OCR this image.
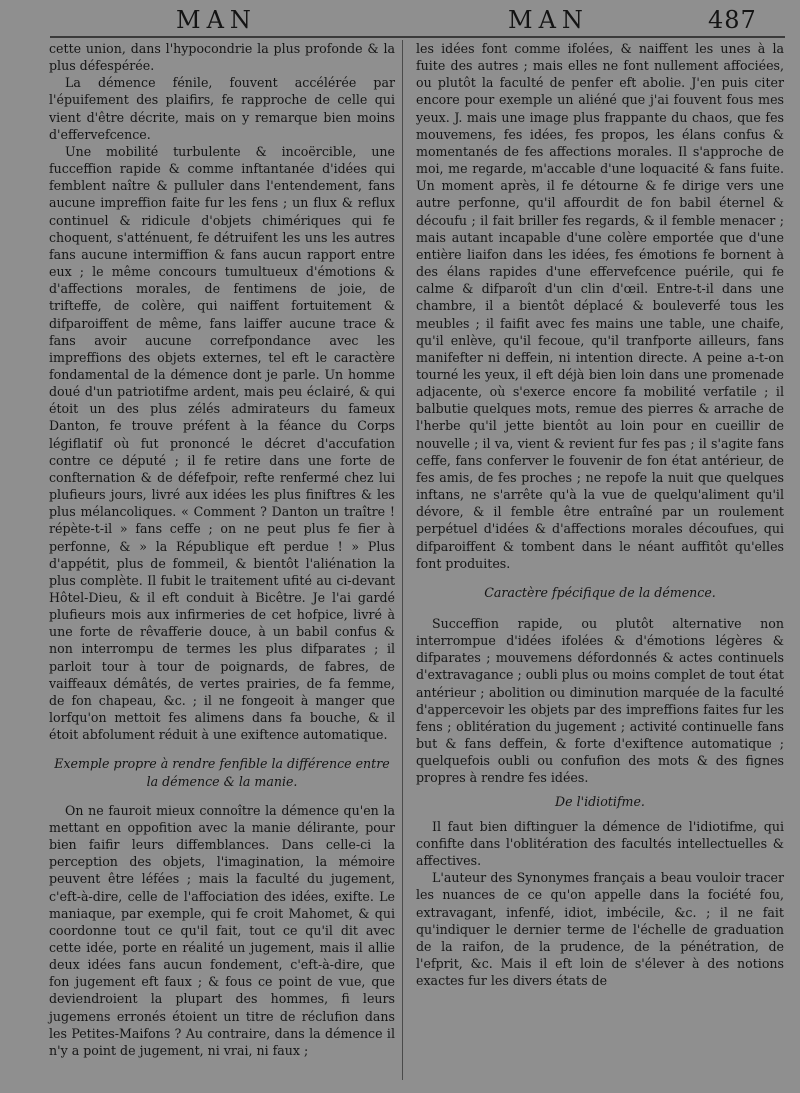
MAN	MAN	487

cette union, dans l'hypocondrie la plus profonde & la plus défespérée.

La démence fénile, fouvent accélérée par l'épuifement des plaifirs, fe rapproche de celle qui vient d'être décrite, mais on y remarque bien moins d'effervefcence.

Une mobilité turbulente & incoërcible, une fucceffion rapide & comme inftantanée d'idées qui femblent naître & pulluler dans l'entendement, fans aucune impreffion faite fur les fens ; un flux & reflux continuel & ridicule d'objets chimériques qui fe choquent, s'atténuent, fe détruifent les uns les autres fans aucune intermiffion & fans aucun rapport entre eux ; le même concours tumultueux d'émotions & d'affections morales, de fentimens de joie, de trifteffe, de colère, qui naiffent fortuitement & difparoiffent de même, fans laiffer aucune trace & fans avoir aucune correfpondance avec les impreffions des objets externes, tel eft le caractère fondamental de la démence dont je parle. Un homme doué d'un patriotifme ardent, mais peu éclairé, & qui étoit un des plus zélés admirateurs du fameux Danton, fe trouve préfent à la féance du Corps légiflatif où fut prononcé le décret d'accufation contre ce député ; il fe retire dans une forte de confternation & de défefpoir, refte renfermé chez lui plufieurs jours, livré aux idées les plus finiftres & les plus mélancoliques. « Comment ? Danton un traître ! répète-t-il » fans ceffe ; on ne peut plus fe fier à perfonne, & » la République eft perdue ! » Plus d'appétit, plus de fommeil, & bientôt l'aliénation la plus complète. Il fubit le traitement ufité au ci-devant Hôtel-Dieu, & il eft conduit à Bicêtre. Je l'ai gardé plufieurs mois aux infirmeries de cet hofpice, livré à une forte de rêvafferie douce, à un babil confus & non interrompu de termes les plus difparates ; il parloit tour à tour de poignards, de fabres, de vaiffeaux démâtés, de vertes prairies, de fa femme, de fon chapeau, &c. ; il ne fongeoit à manger que lorfqu'on mettoit fes alimens dans fa bouche, & il étoit abfolument réduit à une exiftence automatique.

Exemple propre à rendre fenfible la différence entre la démence & la manie.

On ne fauroit mieux connoître la démence qu'en la mettant en oppofition avec la manie délirante, pour bien faifir leurs diffemblances. Dans celle-ci la perception des objets, l'imagination, la mémoire peuvent être léfées ; mais la faculté du jugement, c'eft-à-dire, celle de l'affociation des idées, exifte. Le maniaque, par exemple, qui fe croit Mahomet, & qui coordonne tout ce qu'il fait, tout ce qu'il dit avec cette idée, porte en réalité un jugement, mais il allie deux idées fans aucun fondement, c'eft-à-dire, que fon jugement eft faux ; & fous ce point de vue, que deviendroient la plupart des hommes, fi leurs jugemens erronés étoient un titre de réclufion dans les Petites-Maifons ? Au contraire, dans la démence il n'y a point de jugement, ni vrai, ni faux ;

les idées font comme ifolées, & naiffent les unes à la fuite des autres ; mais elles ne font nullement affociées, ou plutôt la faculté de penfer eft abolie. J'en puis citer encore pour exemple un aliéné que j'ai fouvent fous mes yeux. J. mais une image plus frappante du chaos, que fes mouvemens, fes idées, fes propos, les élans confus & momentanés de fes affections morales. Il s'approche de moi, me regarde, m'accable d'une loquacité & fans fuite. Un moment après, il fe détourne & fe dirige vers une autre perfonne, qu'il affourdit de fon babil éternel & découfu ; il fait briller fes regards, & il femble menacer ; mais autant incapable d'une colère emportée que d'une entière liaifon dans les idées, fes émotions fe bornent à des élans rapides d'une effervefcence puérile, qui fe calme & difparoît d'un clin d'œil. Entre-t-il dans une chambre, il a bientôt déplacé & bouleverfé tous les meubles ; il faifit avec fes mains une table, une chaife, qu'il enlève, qu'il fecoue, qu'il tranfporte ailleurs, fans manifefter ni deffein, ni intention directe. A peine a-t-on tourné les yeux, il eft déjà bien loin dans une promenade adjacente, où s'exerce encore fa mobilité verfatile ; il balbutie quelques mots, remue des pierres & arrache de l'herbe qu'il jette bientôt au loin pour en cueillir de nouvelle ; il va, vient & revient fur fes pas ; il s'agite fans ceffe, fans conferver le fouvenir de fon état antérieur, de fes amis, de fes proches ; ne repofe la nuit que quelques inftans, ne s'arrête qu'à la vue de quelqu'aliment qu'il dévore, & il femble être entraîné par un roulement perpétuel d'idées & d'affections morales découfues, qui difparoiffent & tombent dans le néant auffitôt qu'elles font produites.

Caractère fpécifique de la démence.

Succeffion rapide, ou plutôt alternative non interrompue d'idées ifolées & d'émotions légères & difparates ; mouvemens défordonnés & actes continuels d'extravagance ; oubli plus ou moins complet de tout état antérieur ; abolition ou diminution marquée de la faculté d'appercevoir les objets par des impreffions faites fur les fens ; oblitération du jugement ; activité continuelle fans but & fans deffein, & forte d'exiftence automatique ; quelquefois oubli ou confufion des mots & des fignes propres à rendre fes idées.

De l'idiotifme.

Il faut bien diftinguer la démence de l'idiotifme, qui confifte dans l'oblitération des facultés intellectuelles & affectives.

L'auteur des Synonymes français a beau vouloir tracer les nuances de ce qu'on appelle dans la fociété fou, extravagant, infenfé, idiot, imbécile, &c. ; il ne fait qu'indiquer le dernier terme de l'échelle de graduation de la raifon, de la prudence, de la pénétration, de l'efprit, &c. Mais il eft loin de s'élever à des notions exactes fur les divers états de
